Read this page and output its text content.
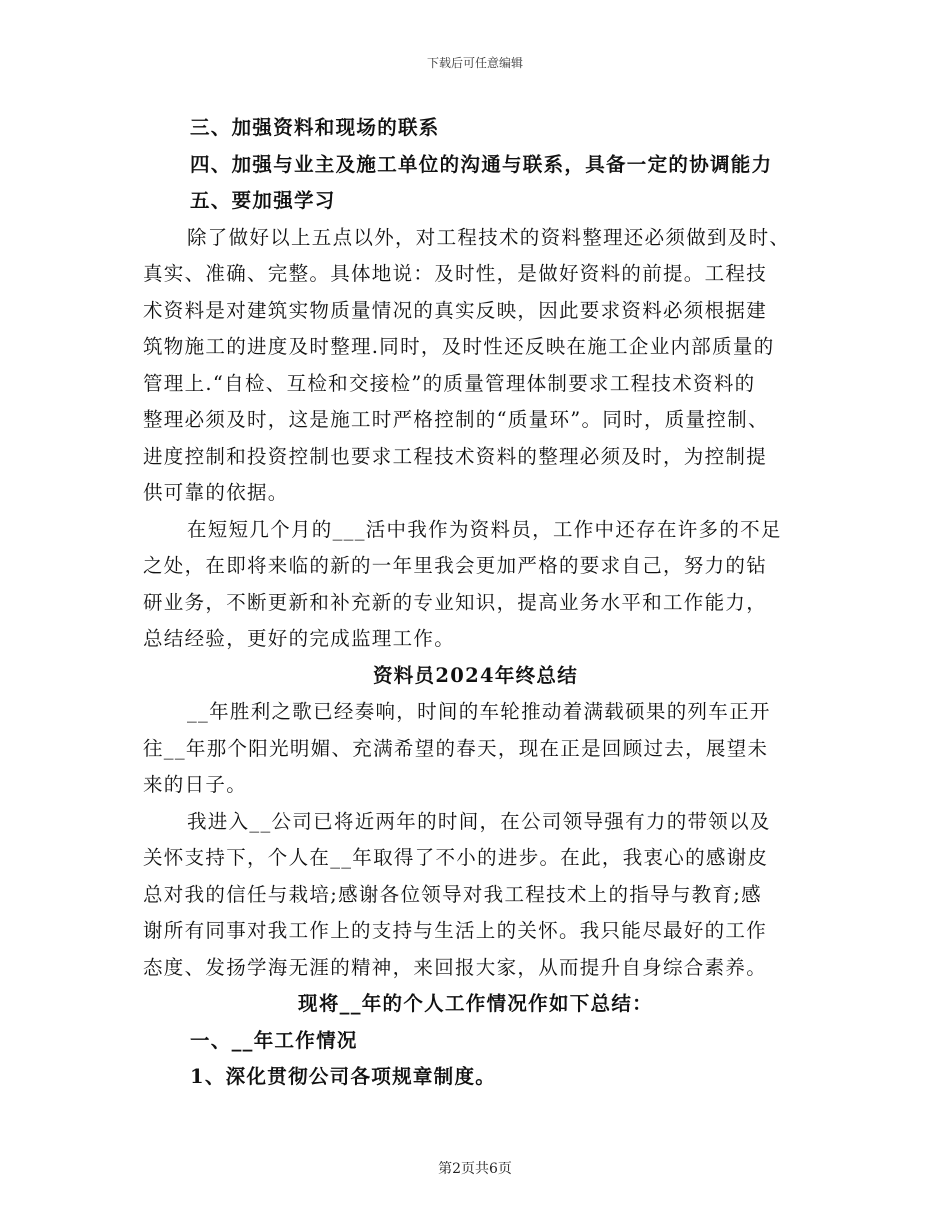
下载后可任意编辑
三、加强资料和现场的联系
四、加强与业主及施工单位的沟通与联系，具备一定的协调能力
五、要加强学习
除了做好以上五点以外，对工程技术的资料整理还必须做到及时、
真实、准确、完整。具体地说：及时性，是做好资料的前提。工程技
术资料是对建筑实物质量情况的真实反映，因此要求资料必须根据建
筑物施工的进度及时整理.同时，及时性还反映在施工企业内部质量的
管理上.“自检、互检和交接检”的质量管理体制要求工程技术资料的
整理必须及时，这是施工时严格控制的“质量环”。同时，质量控制、
进度控制和投资控制也要求工程技术资料的整理必须及时，为控制提
供可靠的依据。
在短短几个月的___活中我作为资料员，工作中还存在许多的不足
之处，在即将来临的新的一年里我会更加严格的要求自己，努力的钻
研业务，不断更新和补充新的专业知识，提高业务水平和工作能力，
总结经验，更好的完成监理工作。
资料员2024年终总结
__年胜利之歌已经奏响，时间的车轮推动着满载硕果的列车正开
往__年那个阳光明媚、充满希望的春天，现在正是回顾过去，展望未
来的日子。
我进入__公司已将近两年的时间，在公司领导强有力的带领以及
关怀支持下，个人在__年取得了不小的进步。在此，我衷心的感谢皮
总对我的信任与栽培;感谢各位领导对我工程技术上的指导与教育;感
谢所有同事对我工作上的支持与生活上的关怀。我只能尽最好的工作
态度、发扬学海无涯的精神，来回报大家，从而提升自身综合素养。
现将__年的个人工作情况作如下总结：
一、__年工作情况
1、深化贯彻公司各项规章制度。
第2页共6页
